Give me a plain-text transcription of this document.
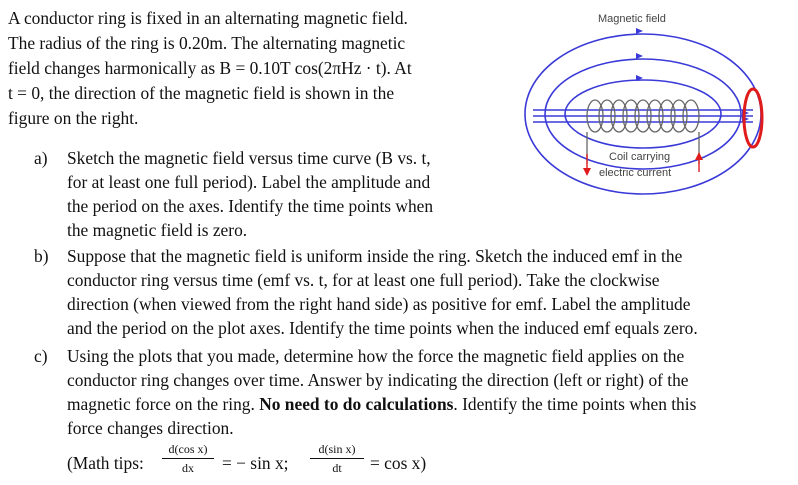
A conductor ring is fixed in an alternating magnetic field.
The radius of the ring is 0.20m. The alternating magnetic
field changes harmonically as B = 0.10T cos(2πHz · t). At
t = 0, the direction of the magnetic field is shown in the
figure on the right.
Magnetic field
Coil carrying
electric current
a) Sketch the magnetic field versus time curve (B vs. t,
for at least one full period). Label the amplitude and
the period on the axes. Identify the time points when
the magnetic field is zero.
b) Suppose that the magnetic field is uniform inside the ring. Sketch the induced emf in the
conductor ring versus time (emf vs. t, for at least one full period). Take the clockwise
direction (when viewed from the right hand side) as positive for emf. Label the amplitude
and the period on the plot axes. Identify the time points when the induced emf equals zero.
c) Using the plots that you made, determine how the force the magnetic field applies on the
conductor ring changes over time. Answer by indicating the direction (left or right) of the
magnetic force on the ring. No need to do calculations. Identify the time points when this
force changes direction.
(Math tips:
d(cos x)
dx	= − sin x;
d(sin x)
dt	= cos x)
